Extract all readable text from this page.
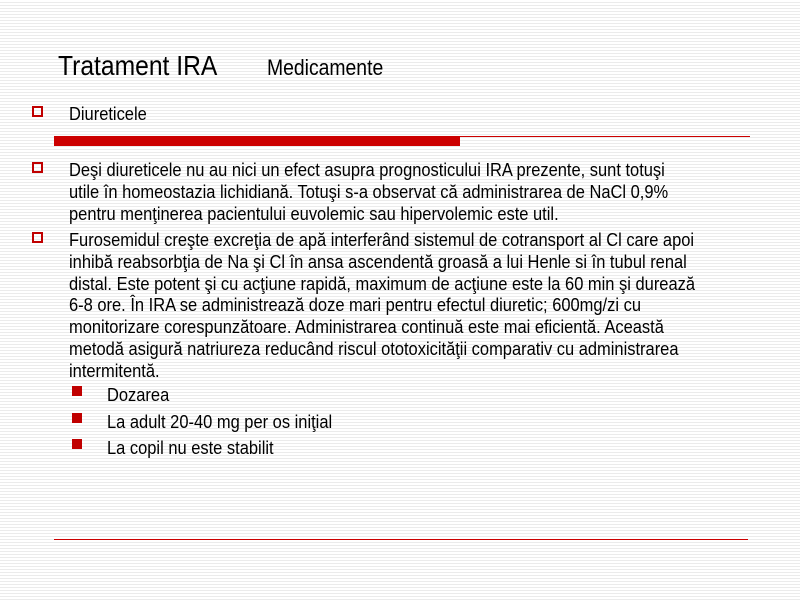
Tratament IRA Medicamente
Diureticele
Deşi diureticele nu au nici un efect asupra prognosticului IRA prezente, sunt totuşi
utile în homeostazia lichidiană. Totuşi s-a observat că administrarea de NaCl 0,9%
pentru menţinerea pacientului euvolemic sau hipervolemic este util.
Furosemidul creşte excreţia de apă interferând sistemul de cotransport al Cl care apoi
inhibă reabsorbţia de Na şi Cl în ansa ascendentă groasă a lui Henle si în tubul renal
distal. Este potent şi cu acţiune rapidă, maximum de acţiune este la 60 min şi durează
6-8 ore. În IRA se administrează doze mari pentru efectul diuretic; 600mg/zi cu
monitorizare corespunzătoare. Administrarea continuă este mai eficientă. Această
metodă asigură natriureza reducând riscul ototoxicităţii comparativ cu administrarea
intermitentă.
Dozarea
La adult 20-40 mg per os iniţial
La copil nu este stabilit
